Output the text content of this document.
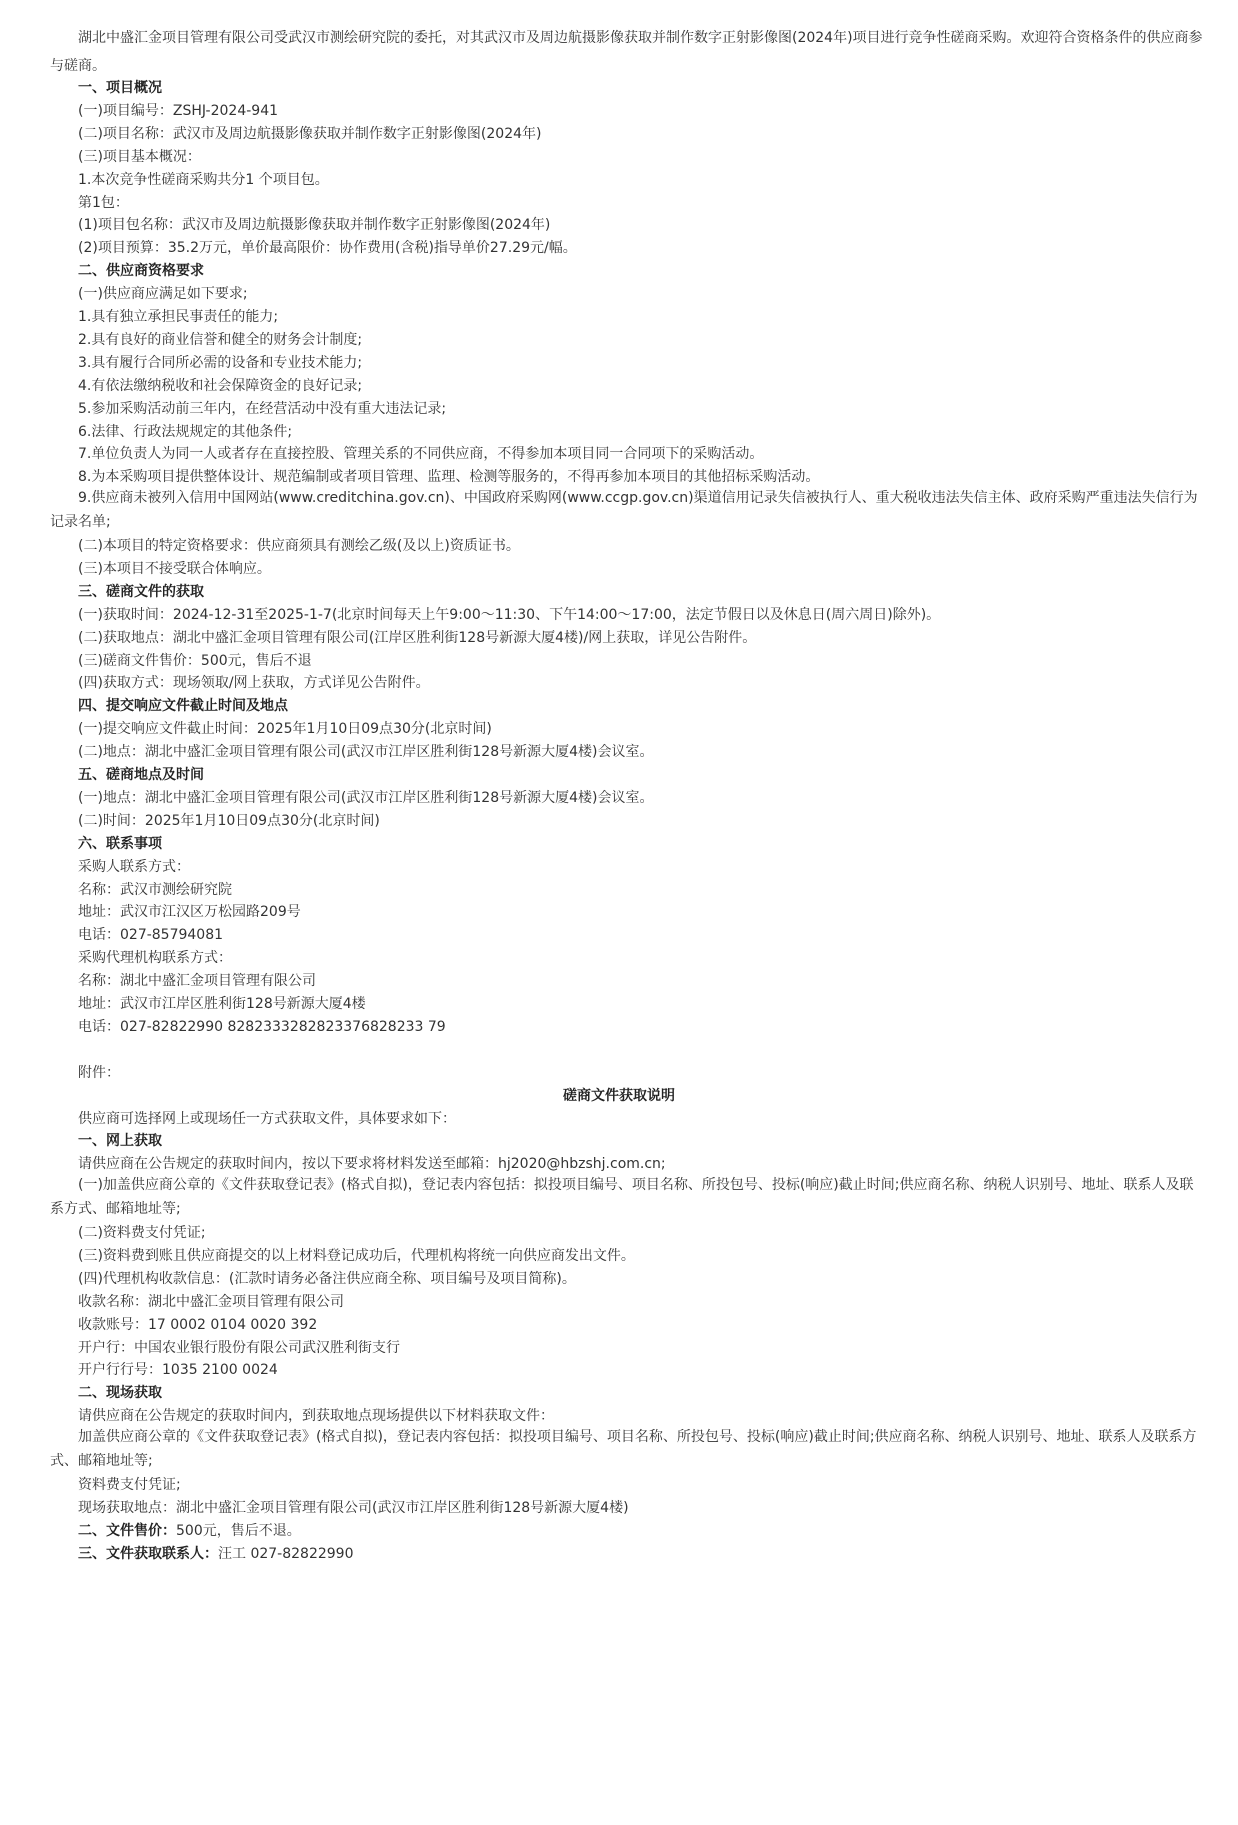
湖北中盛汇金项目管理有限公司受武汉市测绘研究院的委托，对其武汉市及周边航摄影像获取并制作数字正射影像图(2024年)项目进行竞争性磋商采购。欢迎符合资格条件的供应商参与磋商。
一、项目概况
(一)项目编号：ZSHJ-2024-941
(二)项目名称：武汉市及周边航摄影像获取并制作数字正射影像图(2024年)
(三)项目基本概况：
1.本次竞争性磋商采购共分1 个项目包。
第1包：
(1)项目包名称：武汉市及周边航摄影像获取并制作数字正射影像图(2024年)
(2)项目预算：35.2万元，单价最高限价：协作费用(含税)指导单价27.29元/幅。
二、供应商资格要求
(一)供应商应满足如下要求;
1.具有独立承担民事责任的能力;
2.具有良好的商业信誉和健全的财务会计制度;
3.具有履行合同所必需的设备和专业技术能力;
4.有依法缴纳税收和社会保障资金的良好记录;
5.参加采购活动前三年内，在经营活动中没有重大违法记录;
6.法律、行政法规规定的其他条件;
7.单位负责人为同一人或者存在直接控股、管理关系的不同供应商，不得参加本项目同一合同项下的采购活动。
8.为本采购项目提供整体设计、规范编制或者项目管理、监理、检测等服务的，不得再参加本项目的其他招标采购活动。
9.供应商未被列入信用中国网站(www.creditchina.gov.cn)、中国政府采购网(www.ccgp.gov.cn)渠道信用记录失信被执行人、重大税收违法失信主体、政府采购严重违法失信行为记录名单;
(二)本项目的特定资格要求：供应商须具有测绘乙级(及以上)资质证书。
(三)本项目不接受联合体响应。
三、磋商文件的获取
(一)获取时间：2024-12-31至2025-1-7(北京时间每天上午9:00～11:30、下午14:00～17:00，法定节假日以及休息日(周六周日)除外)。
(二)获取地点：湖北中盛汇金项目管理有限公司(江岸区胜利街128号新源大厦4楼)/网上获取，详见公告附件。
(三)磋商文件售价：500元，售后不退
(四)获取方式：现场领取/网上获取，方式详见公告附件。
四、提交响应文件截止时间及地点
(一)提交响应文件截止时间：2025年1月10日09点30分(北京时间)
(二)地点：湖北中盛汇金项目管理有限公司(武汉市江岸区胜利街128号新源大厦4楼)会议室。
五、磋商地点及时间
(一)地点：湖北中盛汇金项目管理有限公司(武汉市江岸区胜利街128号新源大厦4楼)会议室。
(二)时间：2025年1月10日09点30分(北京时间)
六、联系事项
采购人联系方式：
名称：武汉市测绘研究院
地址：武汉市江汉区万松园路209号
电话：027-85794081
采购代理机构联系方式：
名称：湖北中盛汇金项目管理有限公司
地址：武汉市江岸区胜利街128号新源大厦4楼
电话：027-82822990 8282333282823376828233 79
附件：
磋商文件获取说明
供应商可选择网上或现场任一方式获取文件，具体要求如下：
一、网上获取
请供应商在公告规定的获取时间内，按以下要求将材料发送至邮箱：hj2020@hbzshj.com.cn;
(一)加盖供应商公章的《文件获取登记表》(格式自拟)，登记表内容包括：拟投项目编号、项目名称、所投包号、投标(响应)截止时间;供应商名称、纳税人识别号、地址、联系人及联系方式、邮箱地址等;
(二)资料费支付凭证;
(三)资料费到账且供应商提交的以上材料登记成功后，代理机构将统一向供应商发出文件。
(四)代理机构收款信息：(汇款时请务必备注供应商全称、项目编号及项目简称)。
收款名称：湖北中盛汇金项目管理有限公司
收款账号：17 0002 0104 0020 392
开户行：中国农业银行股份有限公司武汉胜利街支行
开户行行号：1035 2100 0024
二、现场获取
请供应商在公告规定的获取时间内，到获取地点现场提供以下材料获取文件：
加盖供应商公章的《文件获取登记表》(格式自拟)，登记表内容包括：拟投项目编号、项目名称、所投包号、投标(响应)截止时间;供应商名称、纳税人识别号、地址、联系人及联系方式、邮箱地址等;
资料费支付凭证;
现场获取地点：湖北中盛汇金项目管理有限公司(武汉市江岸区胜利街128号新源大厦4楼)
二、文件售价：500元，售后不退。
三、文件获取联系人：汪工 027-82822990
